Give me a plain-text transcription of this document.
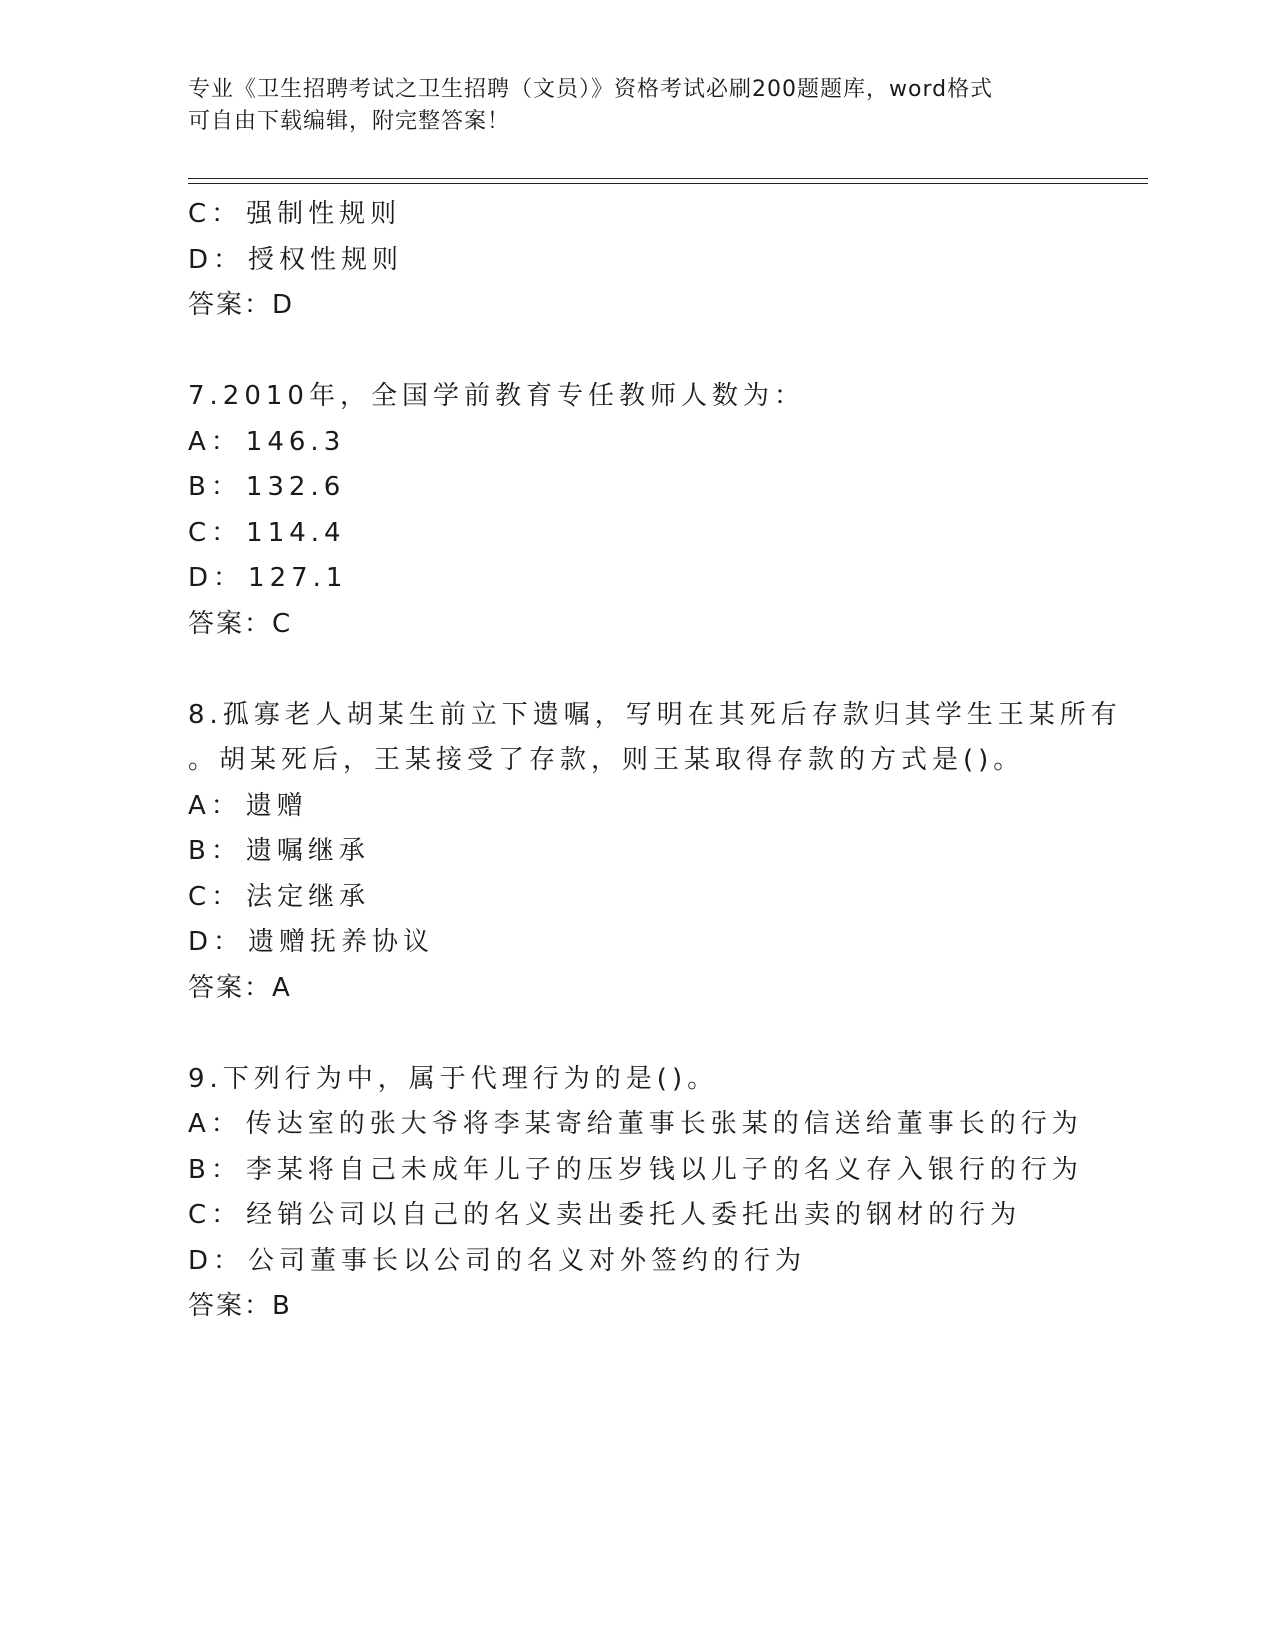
专业《卫生招聘考试之卫生招聘（文员）》资格考试必刷200题题库，word格式
可自由下载编辑，附完整答案！
C： 强制性规则
D： 授权性规则
答案：D
7.2010年，全国学前教育专任教师人数为：
A： 146.3
B： 132.6
C： 114.4
D： 127.1
答案：C
8.孤寡老人胡某生前立下遗嘱，写明在其死后存款归其学生王某所有
。胡某死后，王某接受了存款，则王某取得存款的方式是()。
A： 遗赠
B： 遗嘱继承
C： 法定继承
D： 遗赠抚养协议
答案：A
9.下列行为中，属于代理行为的是()。
A： 传达室的张大爷将李某寄给董事长张某的信送给董事长的行为
B： 李某将自己未成年儿子的压岁钱以儿子的名义存入银行的行为
C： 经销公司以自己的名义卖出委托人委托出卖的钢材的行为
D： 公司董事长以公司的名义对外签约的行为
答案：B
